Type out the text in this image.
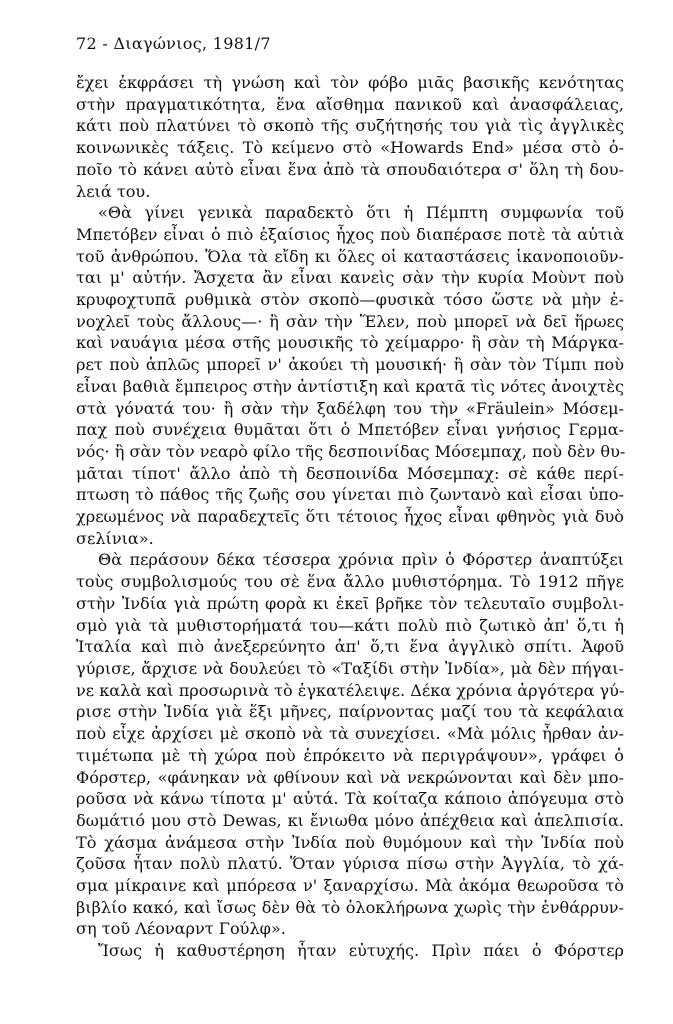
72 - Διαγώνιος, 1981/7
ἔχει ἐκφράσει τὴ γνώση καὶ τὸν φόβο μιᾶς βασικῆς κενότητας
στὴν πραγματικότητα, ἕνα αἴσθημα πανικοῦ καὶ ἀνασφάλειας,
κάτι ποὺ πλατύνει τὸ σκοπὸ τῆς συζήτησής του γιὰ τὶς ἀγγλικὲς
κοινωνικὲς τάξεις. Τὸ κείμενο στὸ «Howards End» μέσα στὸ ὁ-
ποῖο τὸ κάνει αὐτὸ εἶναι ἕνα ἀπὸ τὰ σπουδαιότερα σ' ὅλη τὴ δου-
λειά του.
«Θὰ γίνει γενικὰ παραδεκτὸ ὅτι ἡ Πέμπτη συμφωνία τοῦ
Μπετόβεν εἶναι ὁ πιὸ ἐξαίσιος ἦχος ποὺ διαπέρασε ποτὲ τὰ αὐτιὰ
τοῦ ἀνθρώπου. Ὅλα τὰ εἴδη κι ὅλες οἱ καταστάσεις ἱκανοποιοῦν-
ται μ' αὐτήν. Ἄσχετα ἂν εἶναι κανεὶς σὰν τὴν κυρία Μοὺντ ποὺ
κρυφοχτυπᾶ ρυθμικὰ στὸν σκοπὸ—φυσικὰ τόσο ὥστε νὰ μὴν ἐ-
νοχλεῖ τοὺς ἄλλους—· ἢ σὰν τὴν Ἕλεν, ποὺ μπορεῖ νὰ δεῖ ἥρωες
καὶ ναυάγια μέσα στῆς μουσικῆς τὸ χείμαρρο· ἢ σὰν τὴ Μάργκα-
ρετ ποὺ ἁπλῶς μπορεῖ ν' ἀκούει τὴ μουσική· ἢ σὰν τὸν Τίμπι ποὺ
εἶναι βαθιὰ ἔμπειρος στὴν ἀντίστιξη καὶ κρατᾶ τὶς νότες ἀνοιχτὲς
στὰ γόνατά του· ἢ σὰν τὴν ξαδέλφη του τὴν «Fräulein» Μόσεμ-
παχ ποὺ συνέχεια θυμᾶται ὅτι ὁ Μπετόβεν εἶναι γνήσιος Γερμα-
νός· ἢ σὰν τὸν νεαρὸ φίλο τῆς δεσποινίδας Μόσεμπαχ, ποὺ δὲν θυ-
μᾶται τίποτ' ἄλλο ἀπὸ τὴ δεσποινίδα Μόσεμπαχ: σὲ κάθε περί-
πτωση τὸ πάθος τῆς ζωῆς σου γίνεται πιὸ ζωντανὸ καὶ εἶσαι ὑπο-
χρεωμένος νὰ παραδεχτεῖς ὅτι τέτοιος ἦχος εἶναι φθηνὸς γιὰ δυὸ
σελίνια».
Θὰ περάσουν δέκα τέσσερα χρόνια πρὶν ὁ Φόρστερ ἀναπτύξει
τοὺς συμβολισμούς του σὲ ἕνα ἄλλο μυθιστόρημα. Τὸ 1912 πῆγε
στὴν Ἰνδία γιὰ πρώτη φορὰ κι ἐκεῖ βρῆκε τὸν τελευταῖο συμβολι-
σμὸ γιὰ τὰ μυθιστορήματά του—κάτι πολὺ πιὸ ζωτικὸ ἀπ' ὅ,τι ἡ
Ἰταλία καὶ πιὸ ἀνεξερεύνητο ἀπ' ὅ,τι ἕνα ἀγγλικὸ σπίτι. Ἀφοῦ
γύρισε, ἄρχισε νὰ δουλεύει τὸ «Ταξίδι στὴν Ἰνδία», μὰ δὲν πήγαι-
νε καλὰ καὶ προσωρινὰ τὸ ἐγκατέλειψε. Δέκα χρόνια ἀργότερα γύ-
ρισε στὴν Ἰνδία γιὰ ἕξι μῆνες, παίρνοντας μαζί του τὰ κεφάλαια
ποὺ εἶχε ἀρχίσει μὲ σκοπὸ νὰ τὰ συνεχίσει. «Μὰ μόλις ἦρθαν ἀν-
τιμέτωπα μὲ τὴ χώρα ποὺ ἐπρόκειτο νὰ περιγράψουν», γράφει ὁ
Φόρστερ, «φάνηκαν νὰ φθίνουν καὶ νὰ νεκρώνονται καὶ δὲν μπο-
ροῦσα νὰ κάνω τίποτα μ' αὐτά. Τὰ κοίταζα κάποιο ἀπόγευμα στὸ
δωμάτιό μου στὸ Dewas, κι ἔνιωθα μόνο ἀπέχθεια καὶ ἀπελπισία.
Τὸ χάσμα ἀνάμεσα στὴν Ἰνδία ποὺ θυμόμουν καὶ τὴν Ἰνδία ποὺ
ζοῦσα ἦταν πολὺ πλατύ. Ὅταν γύρισα πίσω στὴν Ἀγγλία, τὸ χά-
σμα μίκραινε καὶ μπόρεσα ν' ξαναρχίσω. Μὰ ἀκόμα θεωροῦσα τὸ
βιβλίο κακό, καὶ ἴσως δὲν θὰ τὸ ὁλοκλήρωνα χωρὶς τὴν ἐνθάρρυν-
ση τοῦ Λέοναρντ Γούλφ».
Ἴσως ἡ καθυστέρηση ἦταν εὐτυχής. Πρὶν πάει ὁ Φόρστερ
